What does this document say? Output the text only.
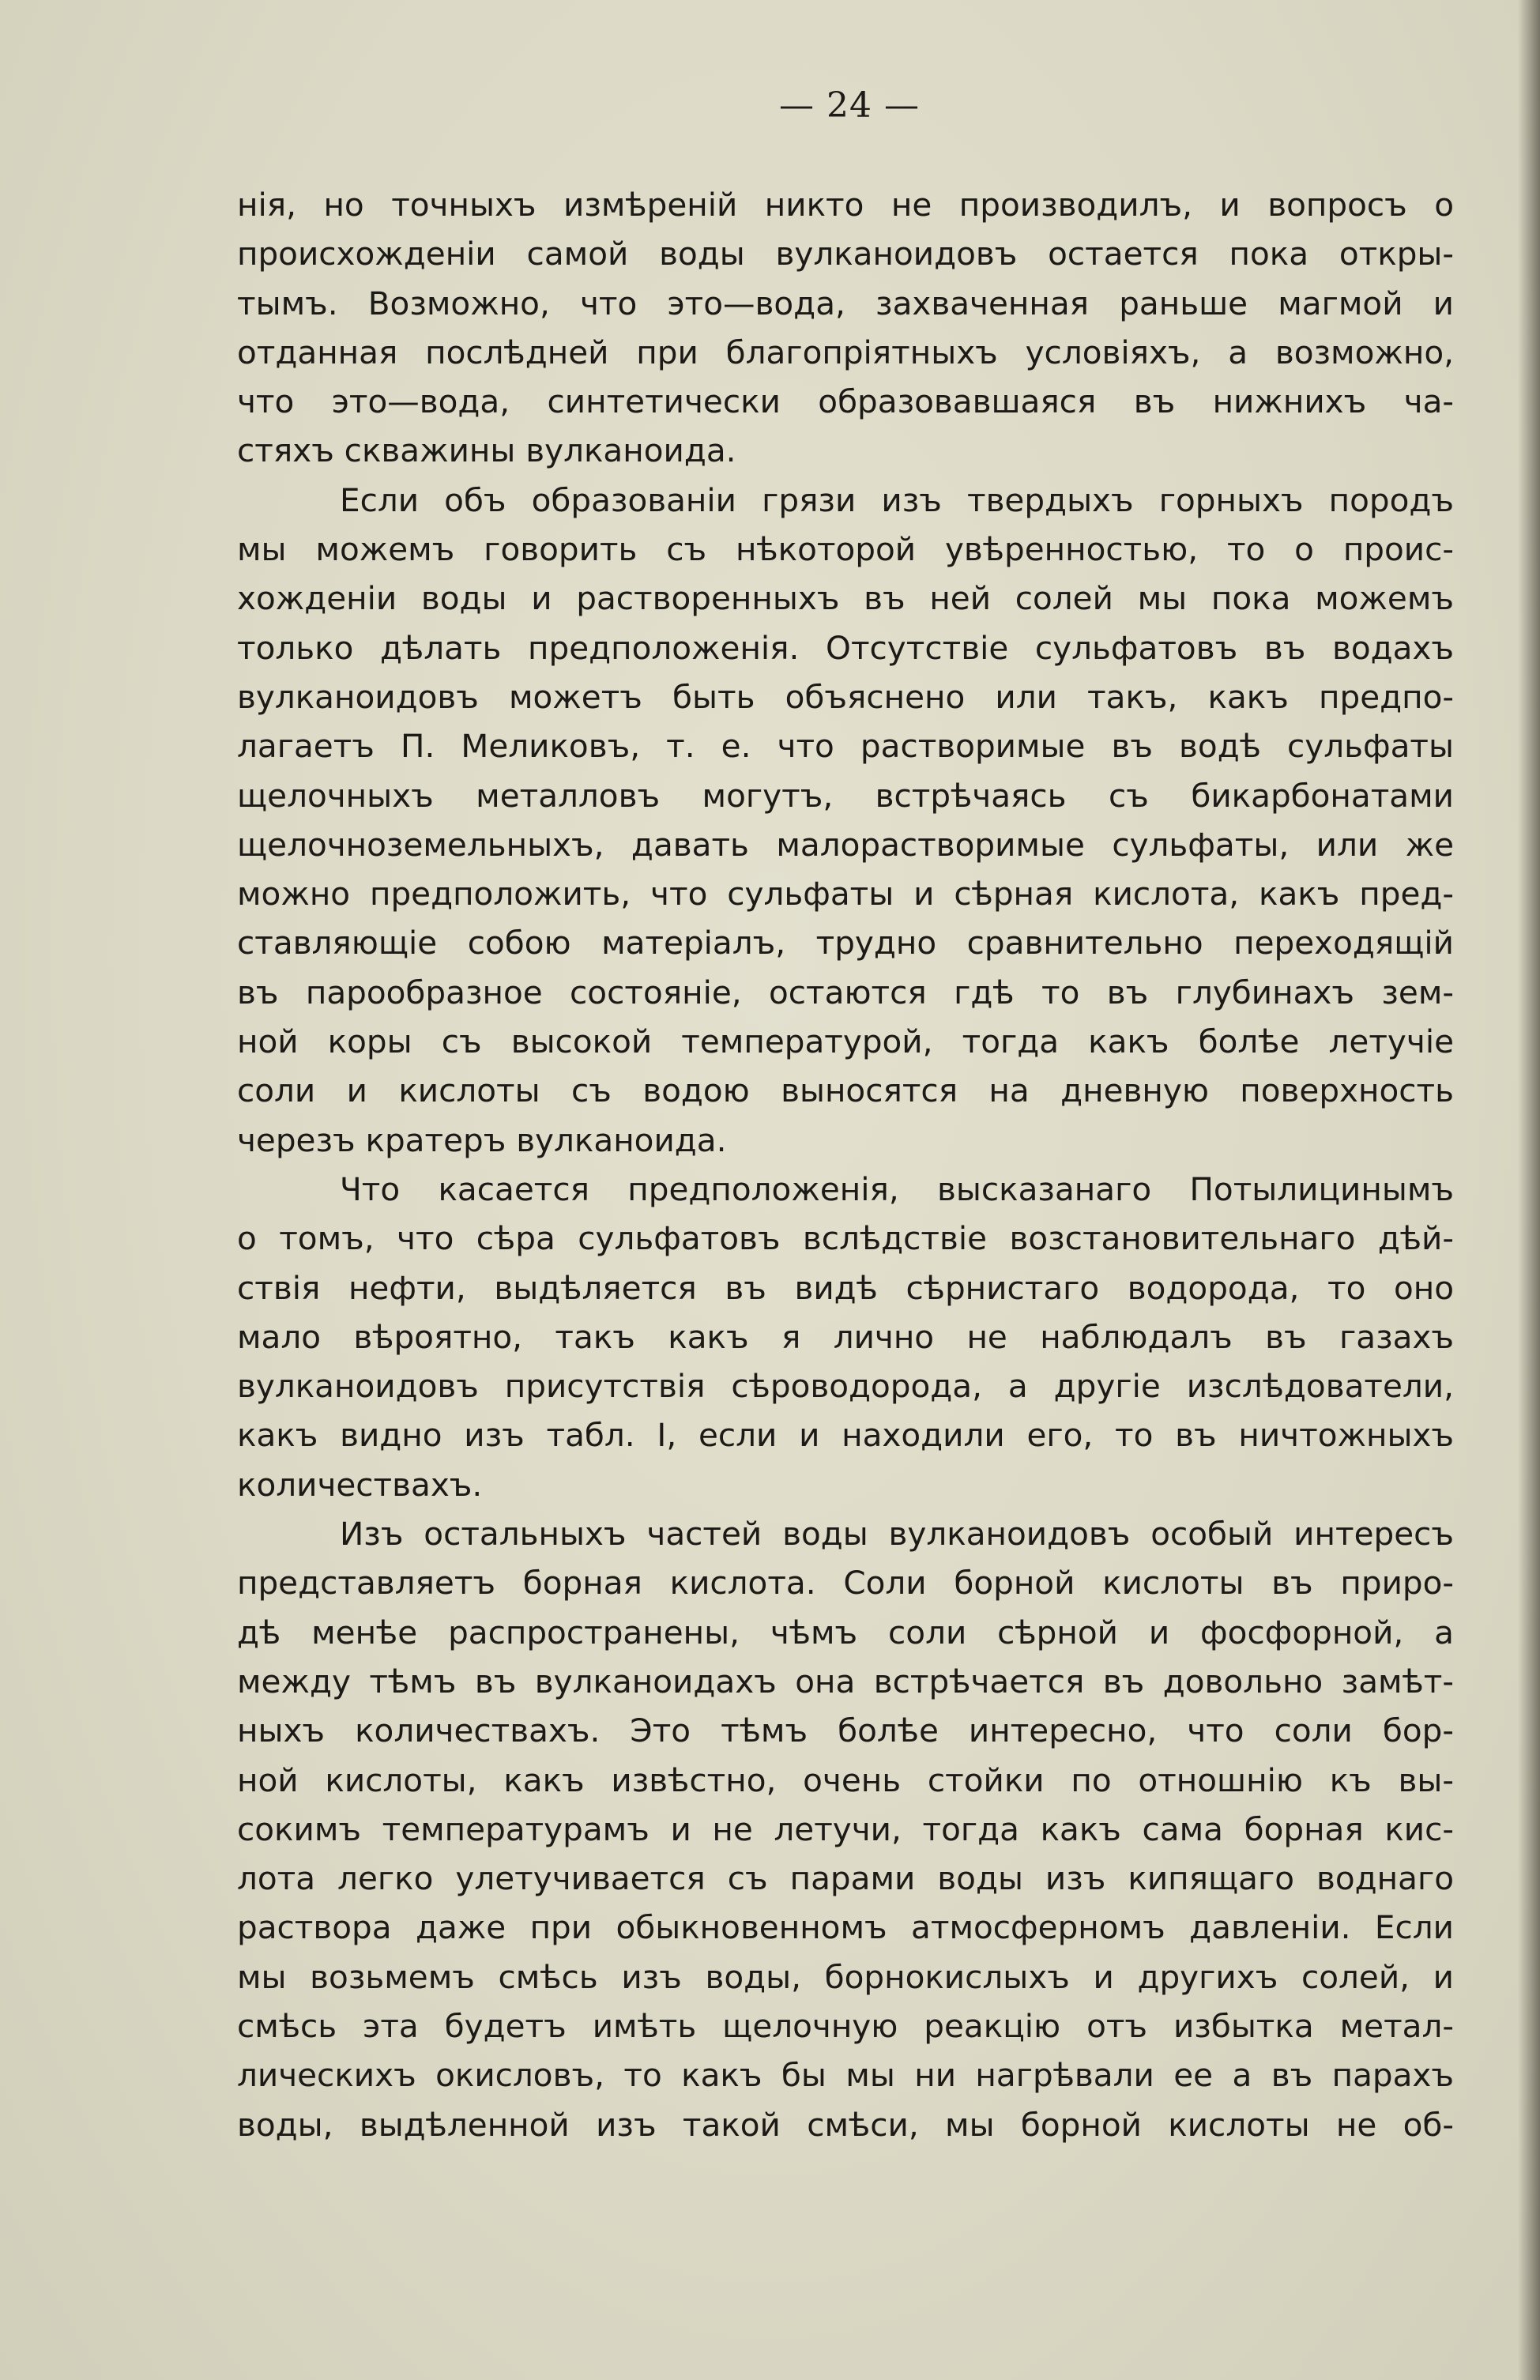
— 24 —
нія, но точныхъ измѣреній никто не производилъ, и вопросъ о
происхожденіи самой воды вулканоидовъ остается пока откры-
тымъ. Возможно, что это—вода, захваченная раньше магмой и
отданная послѣдней при благопріятныхъ условіяхъ, а возможно,
что это—вода, синтетически образовавшаяся въ нижнихъ ча-
стяхъ скважины вулканоида.
Если объ образованіи грязи изъ твердыхъ горныхъ породъ
мы можемъ говорить съ нѣкоторой увѣренностью, то о проис-
хожденіи воды и растворенныхъ въ ней солей мы пока можемъ
только дѣлать предположенія. Отсутствіе сульфатовъ въ водахъ
вулканоидовъ можетъ быть объяснено или такъ, какъ предпо-
лагаетъ П. Меликовъ, т. е. что растворимые въ водѣ сульфаты
щелочныхъ металловъ могутъ, встрѣчаясь съ бикарбонатами
щелочноземельныхъ, давать малорастворимые сульфаты, или же
можно предположить, что сульфаты и сѣрная кислота, какъ пред-
ставляющіе собою матеріалъ, трудно сравнительно переходящій
въ парообразное состояніе, остаются гдѣ то въ глубинахъ зем-
ной коры съ высокой температурой, тогда какъ болѣе летучіе
соли и кислоты съ водою выносятся на дневную поверхность
черезъ кратеръ вулканоида.
Что касается предположенія, высказанаго Потылицинымъ
о томъ, что сѣра сульфатовъ вслѣдствіе возстановительнаго дѣй-
ствія нефти, выдѣляется въ видѣ сѣрнистаго водорода, то оно
мало вѣроятно, такъ какъ я лично не наблюдалъ въ газахъ
вулканоидовъ присутствія сѣроводорода, а другіе изслѣдователи,
какъ видно изъ табл. I, если и находили его, то въ ничтожныхъ
количествахъ.
Изъ остальныхъ частей воды вулканоидовъ особый интересъ
представляетъ борная кислота. Соли борной кислоты въ приро-
дѣ менѣе распространены, чѣмъ соли сѣрной и фосфорной, а
между тѣмъ въ вулканоидахъ она встрѣчается въ довольно замѣт-
ныхъ количествахъ. Это тѣмъ болѣе интересно, что соли бор-
ной кислоты, какъ извѣстно, очень стойки по отношнію къ вы-
сокимъ температурамъ и не летучи, тогда какъ сама борная кис-
лота легко улетучивается съ парами воды изъ кипящаго воднаго
раствора даже при обыкновенномъ атмосферномъ давленіи. Если
мы возьмемъ смѣсь изъ воды, борнокислыхъ и другихъ солей, и
смѣсь эта будетъ имѣть щелочную реакцію отъ избытка метал-
лическихъ окисловъ, то какъ бы мы ни нагрѣвали ее а въ парахъ
воды, выдѣленной изъ такой смѣси, мы борной кислоты не об-
